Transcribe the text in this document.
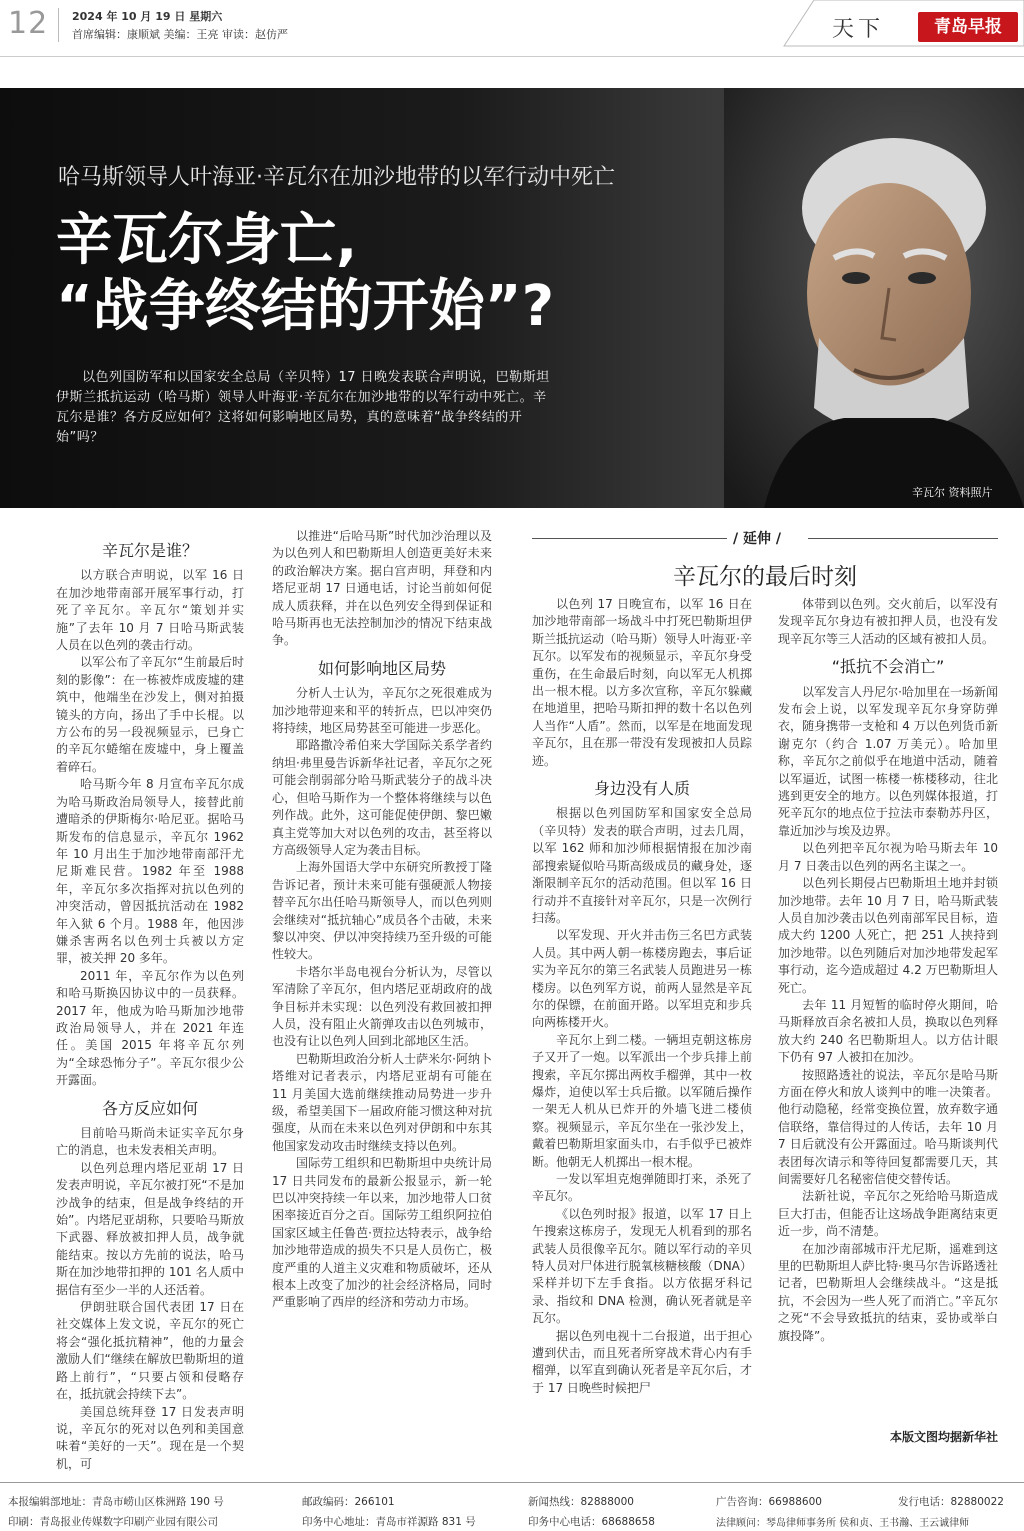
12 2024 年 10 月 19 日 星期六
首席编辑：康顺斌 美编：王亮 审读：赵仿严	天下	青岛早报
哈马斯领导人叶海亚·辛瓦尔在加沙地带的以军行动中死亡
辛瓦尔身亡,
“战争终结的开始”?
以色列国防军和以国家安全总局（辛贝特）17 日晚发表联合声明说，巴勒斯坦伊斯兰抵抗运动（哈马斯）领导人叶海亚·辛瓦尔在加沙地带的以军行动中死亡。辛瓦尔是谁？各方反应如何？这将如何影响地区局势，真的意味着“战争终结的开始”吗？
辛瓦尔 资料照片
辛瓦尔是谁？

以方联合声明说，以军 16 日在加沙地带南部开展军事行动，打死了辛瓦尔。辛瓦尔“策划并实施”了去年 10 月 7 日哈马斯武装人员在以色列的袭击行动。

以军公布了辛瓦尔“生前最后时刻的影像”：在一栋被炸成废墟的建筑中，他端坐在沙发上，侧对拍摄镜头的方向，扬出了手中长棍。以方公布的另一段视频显示，已身亡的辛瓦尔蜷缩在废墟中，身上覆盖着碎石。

哈马斯今年 8 月宣布辛瓦尔成为哈马斯政治局领导人，接替此前遭暗杀的伊斯梅尔·哈尼亚。据哈马斯发布的信息显示，辛瓦尔 1962 年 10 月出生于加沙地带南部汗尤尼斯难民营。1982 年至 1988 年，辛瓦尔多次指挥对抗以色列的冲突活动，曾因抵抗活动在 1982 年入狱 6 个月。1988 年，他因涉嫌杀害两名以色列士兵被以方定罪，被关押 20 多年。

2011 年，辛瓦尔作为以色列和哈马斯换囚协议中的一员获释。2017 年，他成为哈马斯加沙地带政治局领导人，并在 2021 年连任。美国 2015 年将辛瓦尔列为“全球恐怖分子”。辛瓦尔很少公开露面。

各方反应如何

目前哈马斯尚未证实辛瓦尔身亡的消息，也未发表相关声明。

以色列总理内塔尼亚胡 17 日发表声明说，辛瓦尔被打死“不是加沙战争的结束，但是战争终结的开始”。内塔尼亚胡称，只要哈马斯放下武器、释放被扣押人员，战争就能结束。按以方先前的说法，哈马斯在加沙地带扣押的 101 名人质中据信有至少一半的人还活着。

伊朗驻联合国代表团 17 日在社交媒体上发文说，辛瓦尔的死亡将会“强化抵抗精神”，他的力量会激励人们“继续在解放巴勒斯坦的道路上前行”，“只要占领和侵略存在，抵抗就会持续下去”。

美国总统拜登 17 日发表声明说，辛瓦尔的死对以色列和美国意味着“美好的一天”。现在是一个契机，可

以推进“后哈马斯”时代加沙治理以及为以色列人和巴勒斯坦人创造更美好未来的政治解决方案。据白宫声明，拜登和内塔尼亚胡 17 日通电话，讨论当前如何促成人质获释，并在以色列安全得到保证和哈马斯再也无法控制加沙的情况下结束战争。

如何影响地区局势

分析人士认为，辛瓦尔之死很难成为加沙地带迎来和平的转折点，巴以冲突仍将持续，地区局势甚至可能进一步恶化。

耶路撒冷希伯来大学国际关系学者约纳坦·弗里曼告诉新华社记者，辛瓦尔之死可能会削弱部分哈马斯武装分子的战斗决心，但哈马斯作为一个整体将继续与以色列作战。此外，这可能促使伊朗、黎巴嫩真主党等加大对以色列的攻击，甚至将以方高级领导人定为袭击目标。

上海外国语大学中东研究所教授丁隆告诉记者，预计未来可能有强硬派人物接替辛瓦尔出任哈马斯领导人，而以色列则会继续对“抵抗轴心”成员各个击破，未来黎以冲突、伊以冲突持续乃至升级的可能性较大。

卡塔尔半岛电视台分析认为，尽管以军清除了辛瓦尔，但内塔尼亚胡政府的战争目标并未实现：以色列没有救回被扣押人员，没有阻止火箭弹攻击以色列城市，也没有让以色列人回到北部地区生活。

巴勒斯坦政治分析人士萨米尔·阿纳卜塔维对记者表示，内塔尼亚胡有可能在 11 月美国大选前继续推动局势进一步升级，希望美国下一届政府能习惯这种对抗强度，从而在未来以色列对伊朗和中东其他国家发动攻击时继续支持以色列。

国际劳工组织和巴勒斯坦中央统计局 17 日共同发布的最新公报显示，新一轮巴以冲突持续一年以来，加沙地带人口贫困率接近百分之百。国际劳工组织阿拉伯国家区域主任鲁芭·贾拉达特表示，战争给加沙地带造成的损失不只是人员伤亡，极度严重的人道主义灾难和物质破坏，还从根本上改变了加沙的社会经济格局，同时严重影响了西岸的经济和劳动力市场。

/ 延伸 /
辛瓦尔的最后时刻

以色列 17 日晚宣布，以军 16 日在加沙地带南部一场战斗中打死巴勒斯坦伊斯兰抵抗运动（哈马斯）领导人叶海亚·辛瓦尔。以军发布的视频显示，辛瓦尔身受重伤，在生命最后时刻，向以军无人机掷出一根木棍。以方多次宣称，辛瓦尔躲藏在地道里，把哈马斯扣押的数十名以色列人当作“人盾”。然而，以军是在地面发现辛瓦尔，且在那一带没有发现被扣人员踪迹。

身边没有人质

根据以色列国防军和国家安全总局（辛贝特）发表的联合声明，过去几周，以军 162 师和加沙师根据情报在加沙南部搜索疑似哈马斯高级成员的藏身处，逐渐限制辛瓦尔的活动范围。但以军 16 日行动并不直接针对辛瓦尔，只是一次例行扫荡。

以军发现、开火并击伤三名巴方武装人员。其中两人朝一栋楼房跑去，事后证实为辛瓦尔的第三名武装人员跑进另一栋楼房。以色列军方说，前两人显然是辛瓦尔的保镖，在前面开路。以军坦克和步兵向两栋楼开火。

辛瓦尔上到二楼。一辆坦克朝这栋房子又开了一炮。以军派出一个步兵排上前搜索，辛瓦尔掷出两枚手榴弹，其中一枚爆炸，迫使以军士兵后撤。以军随后操作一架无人机从已炸开的外墙飞进二楼侦察。视频显示，辛瓦尔坐在一张沙发上，戴着巴勒斯坦家面头巾，右手似乎已被炸断。他朝无人机掷出一根木棍。

一发以军坦克炮弹随即打来，杀死了辛瓦尔。

《以色列时报》报道，以军 17 日上午搜索这栋房子，发现无人机看到的那名武装人员很像辛瓦尔。随以军行动的辛贝特人员对尸体进行脱氧核糖核酸（DNA）采样并切下左手食指。以方依据牙科记录、指纹和 DNA 检测，确认死者就是辛瓦尔。

据以色列电视十二台报道，出于担心遭到伏击，而且死者所穿战术背心内有手榴弹，以军直到确认死者是辛瓦尔后，才于 17 日晚些时候把尸

体带到以色列。交火前后，以军没有发现辛瓦尔身边有被扣押人员，也没有发现辛瓦尔等三人活动的区域有被扣人员。

“抵抗不会消亡”

以军发言人丹尼尔·哈加里在一场新闻发布会上说，以军发现辛瓦尔身穿防弹衣，随身携带一支枪和 4 万以色列货币新谢克尔（约合 1.07 万美元）。哈加里称，辛瓦尔之前似乎在地道中活动，随着以军逼近，试图一栋楼一栋楼移动，往北逃到更安全的地方。以色列媒体报道，打死辛瓦尔的地点位于拉法市泰勒苏丹区，靠近加沙与埃及边界。

以色列把辛瓦尔视为哈马斯去年 10 月 7 日袭击以色列的两名主谋之一。

以色列长期侵占巴勒斯坦土地并封锁加沙地带。去年 10 月 7 日，哈马斯武装人员自加沙袭击以色列南部军民目标，造成大约 1200 人死亡，把 251 人挟持到加沙地带。以色列随后对加沙地带发起军事行动，迄今造成超过 4.2 万巴勒斯坦人死亡。

去年 11 月短暂的临时停火期间，哈马斯释放百余名被扣人员，换取以色列释放大约 240 名巴勒斯坦人。以方估计眼下仍有 97 人被扣在加沙。

按照路透社的说法，辛瓦尔是哈马斯方面在停火和放人谈判中的唯一决策者。他行动隐秘，经常变换位置，放弃数字通信联络，靠信得过的人传话，去年 10 月 7 日后就没有公开露面过。哈马斯谈判代表团每次请示和等待回复都需要几天，其间需要好几名秘密信使交替传话。

法新社说，辛瓦尔之死给哈马斯造成巨大打击，但能否让这场战争距离结束更近一步，尚不清楚。

在加沙南部城市汗尤尼斯，遥难到这里的巴勒斯坦人萨比特·奥马尔告诉路透社记者，巴勒斯坦人会继续战斗。“这是抵抗，不会因为一些人死了而消亡。”辛瓦尔之死“不会导致抵抗的结束，妥协或举白旗投降”。

本版文图均据新华社
本报编辑部地址：青岛市崂山区株洲路 190 号
印刷：青岛报业传媒数字印刷产业园有限公司
邮政编码：266101
印务中心地址：青岛市祥源路 831 号
新闻热线：82888000
印务中心电话：68688658
广告咨询：66988600
法律顾问：琴岛律师事务所 侯和贞、王书瀚、王云诚律师
发行电话：82880022
